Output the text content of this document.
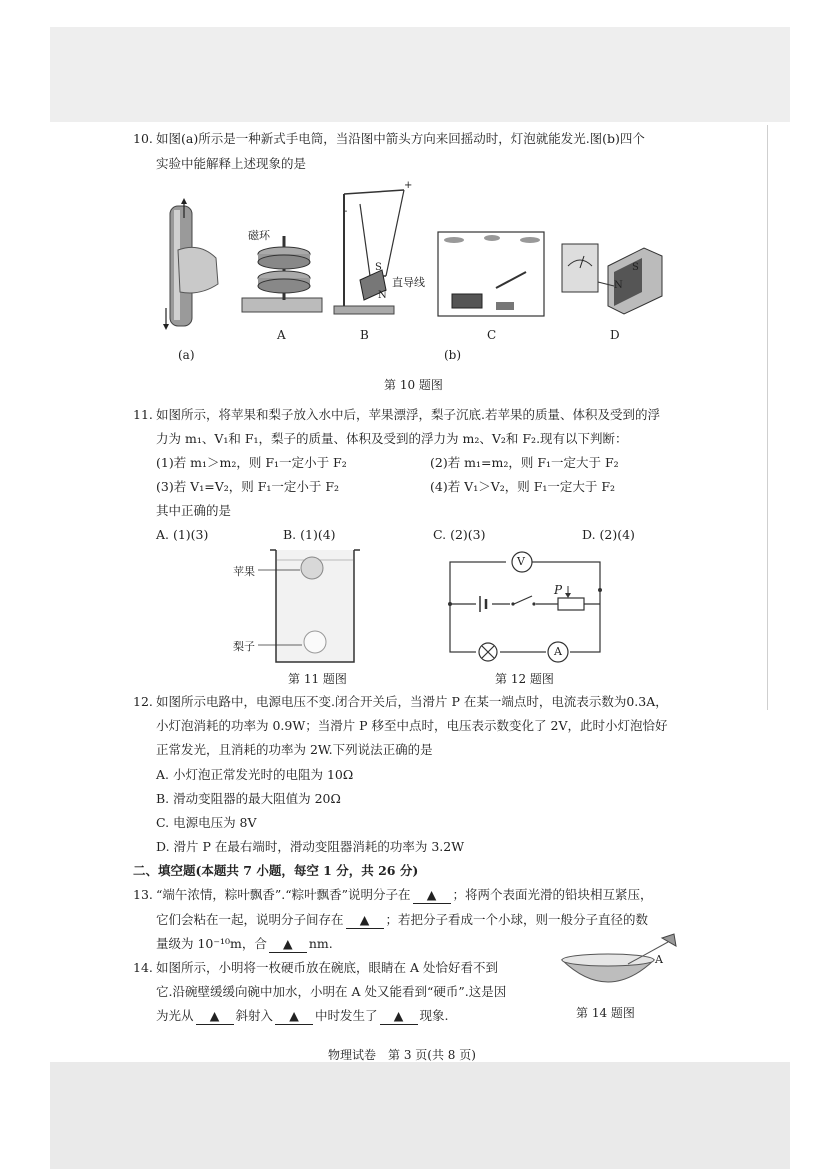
10. 如图(a)所示是一种新式手电筒，当沿图中箭头方向来回摇动时，灯泡就能发光.图(b)四个
实验中能解释上述现象的是
磁环
A
+
-
S
N
直导线
B	C
N
S
D
(a)	(b)
第 10 题图
11. 如图所示，将苹果和梨子放入水中后，苹果漂浮，梨子沉底.若苹果的质量、体积及受到的浮
力为 m₁、V₁和 F₁，梨子的质量、体积及受到的浮力为 m₂、V₂和 F₂.现有以下判断：
(1)若 m₁＞m₂，则 F₁一定小于 F₂	(2)若 m₁=m₂，则 F₁一定大于 F₂
(3)若 V₁=V₂，则 F₁一定小于 F₂	(4)若 V₁＞V₂，则 F₁一定大于 F₂
其中正确的是
A. (1)(3)	B. (1)(4)	C. (2)(3)	D. (2)(4)
苹果
梨子
第 11 题图
V
P
A
第 12 题图
12. 如图所示电路中，电源电压不变.闭合开关后，当滑片 P 在某一端点时，电流表示数为0.3A，
小灯泡消耗的功率为 0.9W；当滑片 P 移至中点时，电压表示数变化了 2V，此时小灯泡恰好
正常发光，且消耗的功率为 2W.下列说法正确的是
A. 小灯泡正常发光时的电阻为 10Ω
B. 滑动变阻器的最大阻值为 20Ω
C. 电源电压为 8V
D. 滑片 P 在最右端时，滑动变阻器消耗的功率为 3.2W
二、填空题(本题共 7 小题，每空 1 分，共 26 分)
13. “端午浓情，粽叶飘香”.“粽叶飘香”说明分子在 ▲ ；将两个表面光滑的铅块相互紧压，
它们会粘在一起，说明分子间存在 ▲ ；若把分子看成一个小球，则一般分子直径的数
量级为 10⁻¹⁰m，合 ▲ nm.
14. 如图所示，小明将一枚硬币放在碗底，眼睛在 A 处恰好看不到
它.沿碗壁缓缓向碗中加水，小明在 A 处又能看到“硬币”.这是因
为光从 ▲ 斜射入 ▲ 中时发生了 ▲ 现象.
A
第 14 题图
物理试卷　第 3 页(共 8 页)
